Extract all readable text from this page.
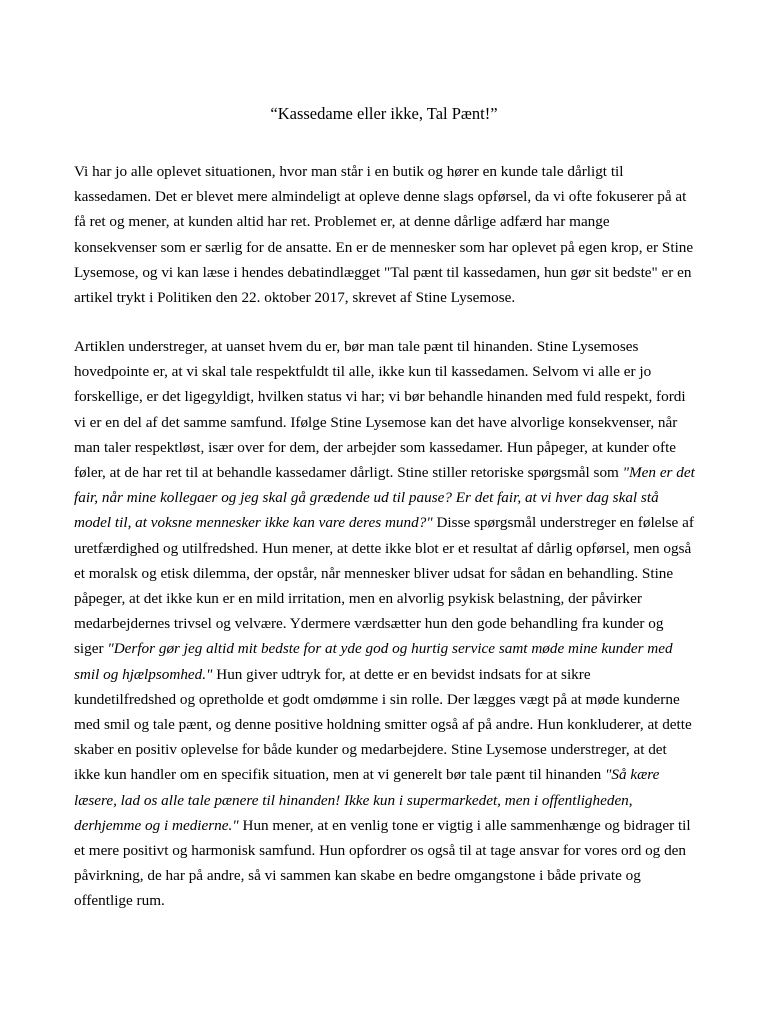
“Kassedame eller ikke, Tal Pænt!”

Vi har jo alle oplevet situationen, hvor man står i en butik og hører en kunde tale dårligt til kassedamen. Det er blevet mere almindeligt at opleve denne slags opførsel, da vi ofte fokuserer på at få ret og mener, at kunden altid har ret. Problemet er, at denne dårlige adfærd har mange konsekvenser som er særlig for de ansatte. En er de mennesker som har oplevet på egen krop, er Stine Lysemose, og vi kan læse i hendes debatindlægget "Tal pænt til kassedamen, hun gør sit bedste" er en artikel trykt i Politiken den 22. oktober 2017, skrevet af Stine Lysemose.

Artiklen understreger, at uanset hvem du er, bør man tale pænt til hinanden. Stine Lysemoses hovedpointe er, at vi skal tale respektfuldt til alle, ikke kun til kassedamen. Selvom vi alle er jo forskellige, er det ligegyldigt, hvilken status vi har; vi bør behandle hinanden med fuld respekt, fordi vi er en del af det samme samfund. Ifølge Stine Lysemose kan det have alvorlige konsekvenser, når man taler respektløst, især over for dem, der arbejder som kassedamer. Hun påpeger, at kunder ofte føler, at de har ret til at behandle kassedamer dårligt. Stine stiller retoriske spørgsmål som "Men er det fair, når mine kollegaer og jeg skal gå grædende ud til pause? Er det fair, at vi hver dag skal stå model til, at voksne mennesker ikke kan vare deres mund?" Disse spørgsmål understreger en følelse af uretfærdighed og utilfredshed. Hun mener, at dette ikke blot er et resultat af dårlig opførsel, men også et moralsk og etisk dilemma, der opstår, når mennesker bliver udsat for sådan en behandling. Stine påpeger, at det ikke kun er en mild irritation, men en alvorlig psykisk belastning, der påvirker medarbejdernes trivsel og velvære. Ydermere værdsætter hun den gode behandling fra kunder og siger "Derfor gør jeg altid mit bedste for at yde god og hurtig service samt møde mine kunder med smil og hjælpsomhed." Hun giver udtryk for, at dette er en bevidst indsats for at sikre kundetilfredshed og opretholde et godt omdømme i sin rolle. Der lægges vægt på at møde kunderne med smil og tale pænt, og denne positive holdning smitter også af på andre. Hun konkluderer, at dette skaber en positiv oplevelse for både kunder og medarbejdere. Stine Lysemose understreger, at det ikke kun handler om en specifik situation, men at vi generelt bør tale pænt til hinanden "Så kære læsere, lad os alle tale pænere til hinanden! Ikke kun i supermarkedet, men i offentligheden, derhjemme og i medierne." Hun mener, at en venlig tone er vigtig i alle sammenhænge og bidrager til et mere positivt og harmonisk samfund. Hun opfordrer os også til at tage ansvar for vores ord og den påvirkning, de har på andre, så vi sammen kan skabe en bedre omgangstone i både private og offentlige rum.
